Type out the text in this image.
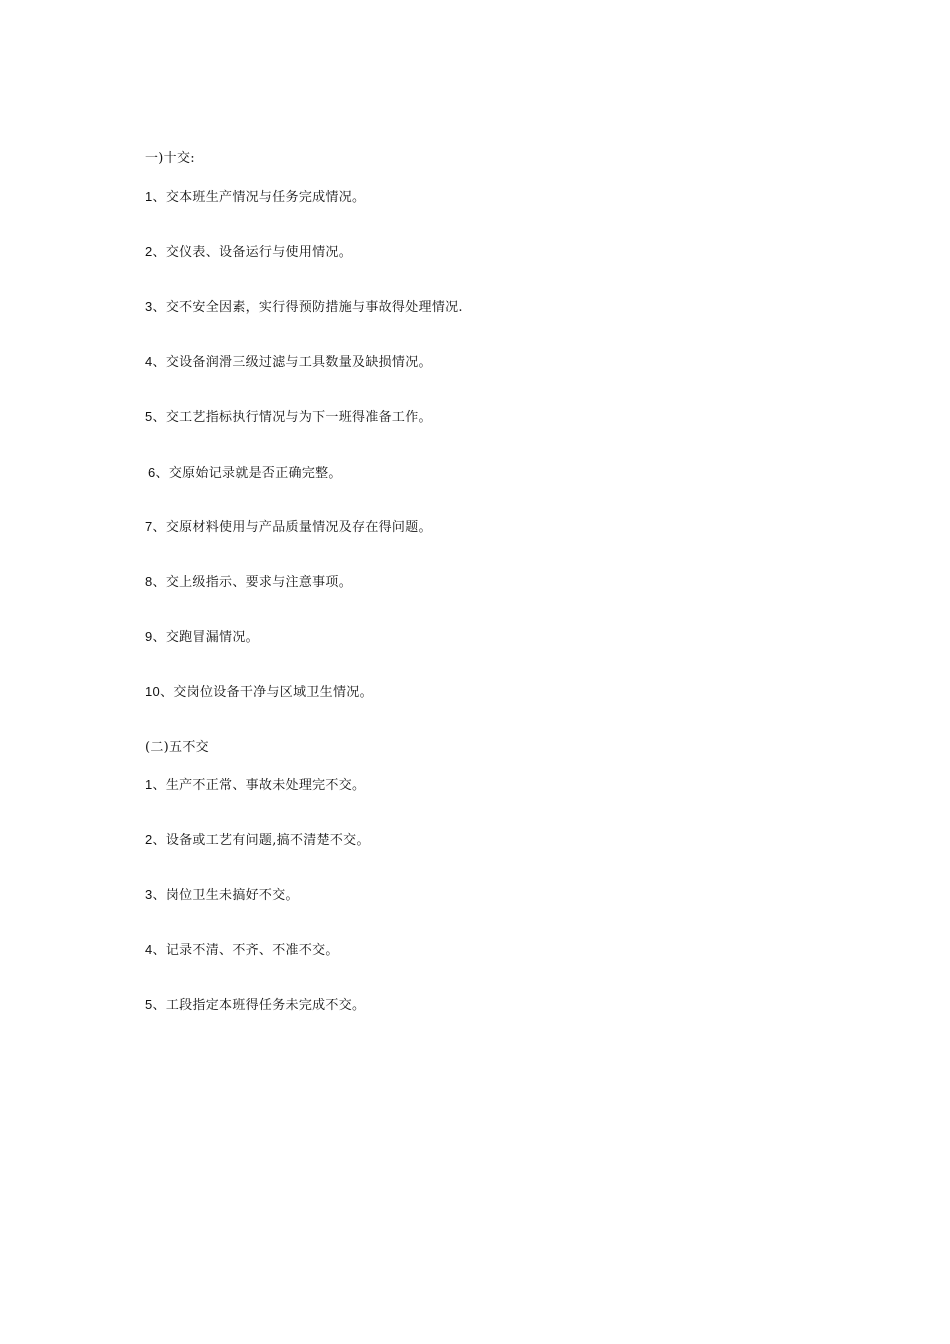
一)十交:
1、交本班生产情况与任务完成情况。
2、交仪表、设备运行与使用情况。
3、交不安全因素，实行得预防措施与事故得处理情况.
4、交设备润滑三级过滤与工具数量及缺损情况。
5、交工艺指标执行情况与为下一班得准备工作。
6、交原始记录就是否正确完整。
7、交原材料使用与产品质量情况及存在得问题。
8、交上级指示、要求与注意事项。
9、交跑冒漏情况。
10、交岗位设备干净与区域卫生情况。
(二)五不交
1、生产不正常、事故未处理完不交。
2、设备或工艺有问题,搞不清楚不交。
3、岗位卫生未搞好不交。
4、记录不清、不齐、不准不交。
5、工段指定本班得任务未完成不交。
